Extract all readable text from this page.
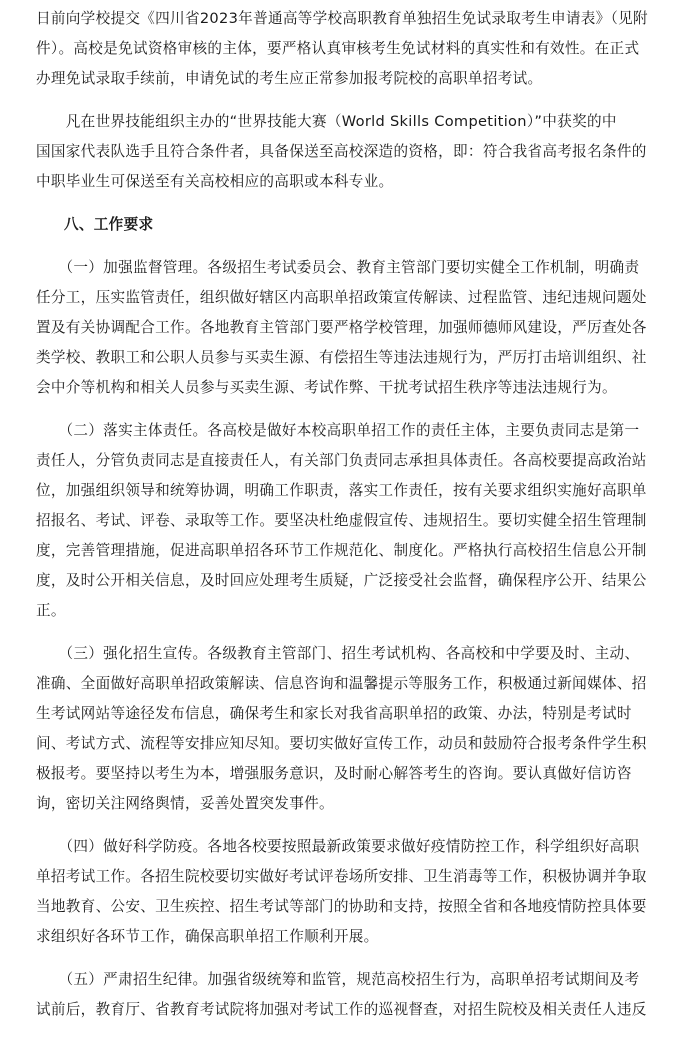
日前向学校提交《四川省2023年普通高等学校高职教育单独招生免试录取考生申请表》（见附
件）。高校是免试资格审核的主体，要严格认真审核考生免试材料的真实性和有效性。在正式
办理免试录取手续前，申请免试的考生应正常参加报考院校的高职单招考试。
　　凡在世界技能组织主办的“世界技能大赛（World Skills Competition）”中获奖的中
国国家代表队选手且符合条件者，具备保送至高校深造的资格，即：符合我省高考报名条件的
中职毕业生可保送至有关高校相应的高职或本科专业。
八、工作要求
　　（一）加强监督管理。各级招生考试委员会、教育主管部门要切实健全工作机制，明确责
任分工，压实监管责任，组织做好辖区内高职单招政策宣传解读、过程监管、违纪违规问题处
置及有关协调配合工作。各地教育主管部门要严格学校管理，加强师德师风建设，严厉查处各
类学校、教职工和公职人员参与买卖生源、有偿招生等违法违规行为，严厉打击培训组织、社
会中介等机构和相关人员参与买卖生源、考试作弊、干扰考试招生秩序等违法违规行为。
　　（二）落实主体责任。各高校是做好本校高职单招工作的责任主体，主要负责同志是第一
责任人，分管负责同志是直接责任人，有关部门负责同志承担具体责任。各高校要提高政治站
位，加强组织领导和统筹协调，明确工作职责，落实工作责任，按有关要求组织实施好高职单
招报名、考试、评卷、录取等工作。要坚决杜绝虚假宣传、违规招生。要切实健全招生管理制
度，完善管理措施，促进高职单招各环节工作规范化、制度化。严格执行高校招生信息公开制
度，及时公开相关信息，及时回应处理考生质疑，广泛接受社会监督，确保程序公开、结果公
正。
　　（三）强化招生宣传。各级教育主管部门、招生考试机构、各高校和中学要及时、主动、
准确、全面做好高职单招政策解读、信息咨询和温馨提示等服务工作，积极通过新闻媒体、招
生考试网站等途径发布信息，确保考生和家长对我省高职单招的政策、办法，特别是考试时
间、考试方式、流程等安排应知尽知。要切实做好宣传工作，动员和鼓励符合报考条件学生积
极报考。要坚持以考生为本，增强服务意识，及时耐心解答考生的咨询。要认真做好信访咨
询，密切关注网络舆情，妥善处置突发事件。
　　（四）做好科学防疫。各地各校要按照最新政策要求做好疫情防控工作，科学组织好高职
单招考试工作。各招生院校要切实做好考试评卷场所安排、卫生消毒等工作，积极协调并争取
当地教育、公安、卫生疾控、招生考试等部门的协助和支持，按照全省和各地疫情防控具体要
求组织好各环节工作，确保高职单招工作顺利开展。
　　（五）严肃招生纪律。加强省级统筹和监管，规范高校招生行为，高职单招考试期间及考
试前后，教育厅、省教育考试院将加强对考试工作的巡视督查，对招生院校及相关责任人违反
